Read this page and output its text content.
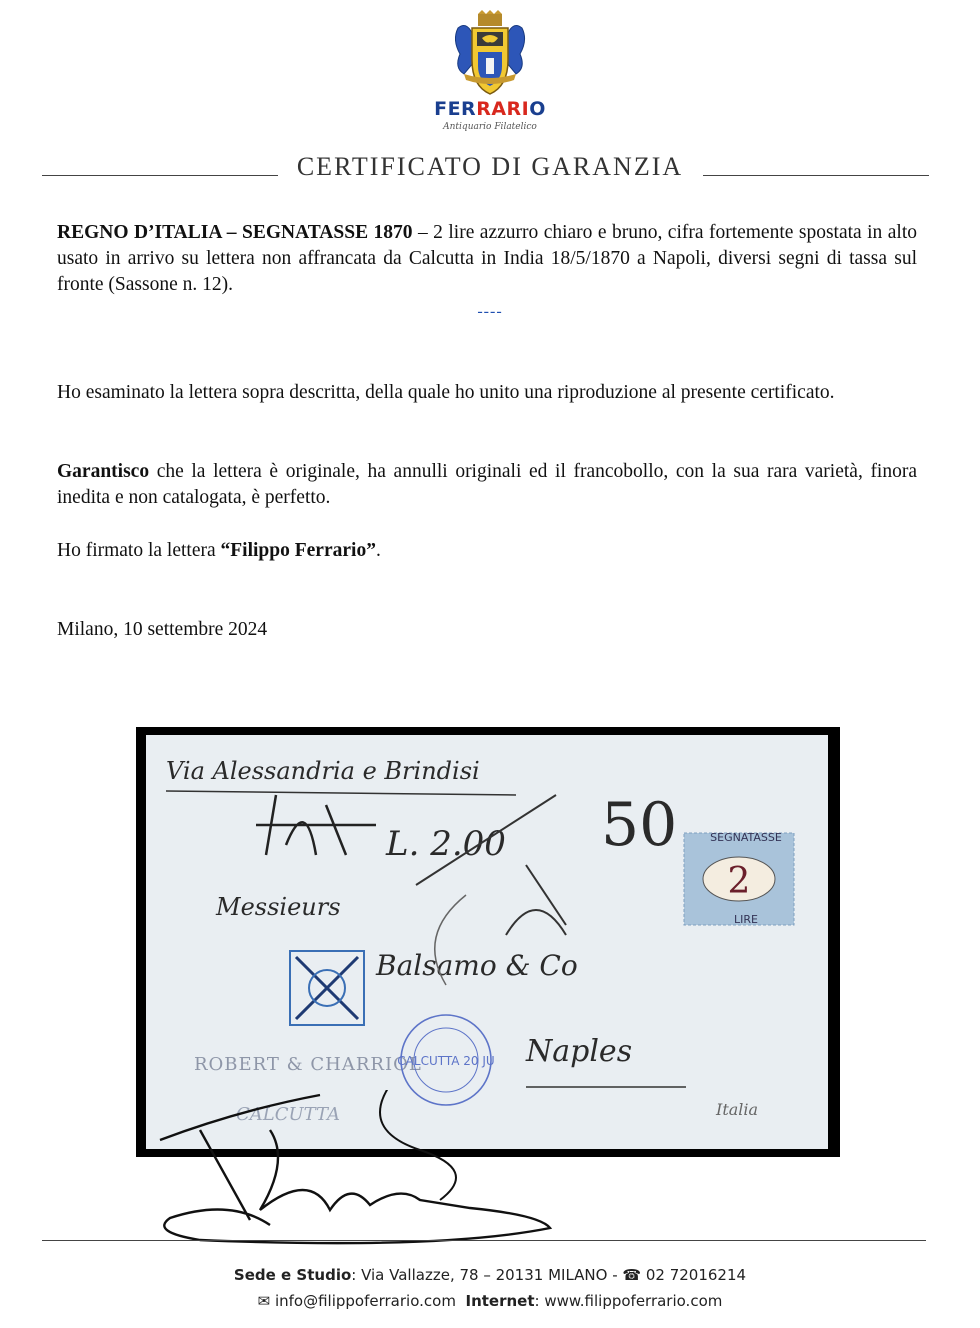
FERRARIO
Antiquario Filatelico
CERTIFICATO DI GARANZIA
REGNO D’ITALIA – SEGNATASSE 1870 – 2 lire azzurro chiaro e bruno, cifra fortemente spostata in alto usato in arrivo su lettera non affrancata da Calcutta in India 18/5/1870 a Napoli, diversi segni di tassa sul fronte (Sassone n. 12).
----
Ho esaminato la lettera sopra descritta, della quale ho unito una riproduzione al presente certificato.
Garantisco che la lettera è originale, ha annulli originali ed il francobollo, con la sua rara varietà, finora inedita e non catalogata, è perfetto.
Ho firmato la lettera “Filippo Ferrario”.
Milano, 10 settembre 2024
Via Alessandria e Brindisi
L. 2.00 50
Messieurs
Balsamo & Co
Naples
Italia
SEGNATASSE
2
LIRE
ROBERT & CHARRIOL
CALCUTTA
CALCUTTA 20 JU
Sede e Studio: Via Vallazze, 78 – 20131 MILANO - ☎ 02 72016214
✉ info@filippoferrario.com Internet: www.filippoferrario.com
